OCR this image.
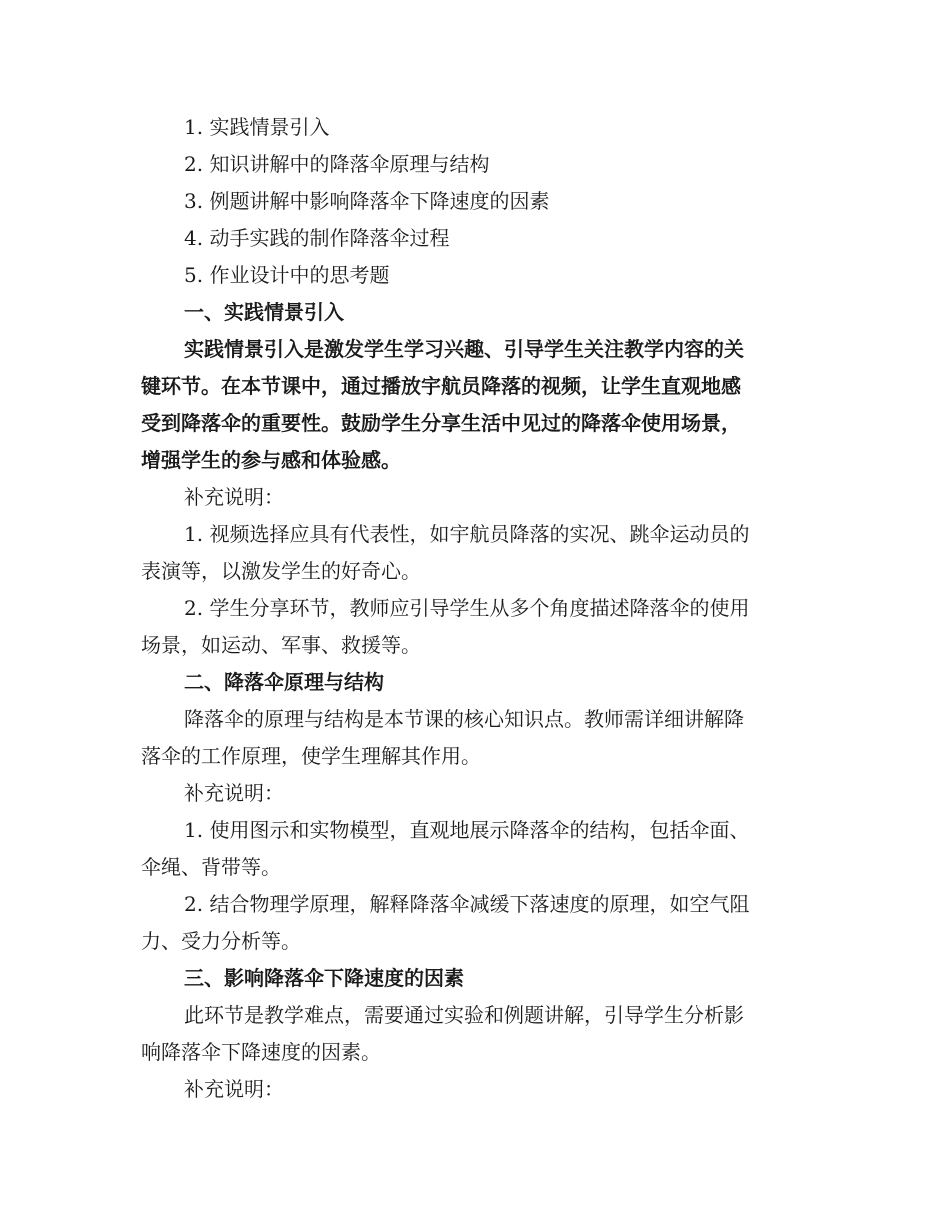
1. 实践情景引入
2. 知识讲解中的降落伞原理与结构
3. 例题讲解中影响降落伞下降速度的因素
4. 动手实践的制作降落伞过程
5. 作业设计中的思考题
一、实践情景引入
实践情景引入是激发学生学习兴趣、引导学生关注教学内容的关
键环节。在本节课中，通过播放宇航员降落的视频，让学生直观地感
受到降落伞的重要性。鼓励学生分享生活中见过的降落伞使用场景，
增强学生的参与感和体验感。
补充说明：
1. 视频选择应具有代表性，如宇航员降落的实况、跳伞运动员的
表演等，以激发学生的好奇心。
2. 学生分享环节，教师应引导学生从多个角度描述降落伞的使用
场景，如运动、军事、救援等。
二、降落伞原理与结构
降落伞的原理与结构是本节课的核心知识点。教师需详细讲解降
落伞的工作原理，使学生理解其作用。
补充说明：
1. 使用图示和实物模型，直观地展示降落伞的结构，包括伞面、
伞绳、背带等。
2. 结合物理学原理，解释降落伞减缓下落速度的原理，如空气阻
力、受力分析等。
三、影响降落伞下降速度的因素
此环节是教学难点，需要通过实验和例题讲解，引导学生分析影
响降落伞下降速度的因素。
补充说明：
